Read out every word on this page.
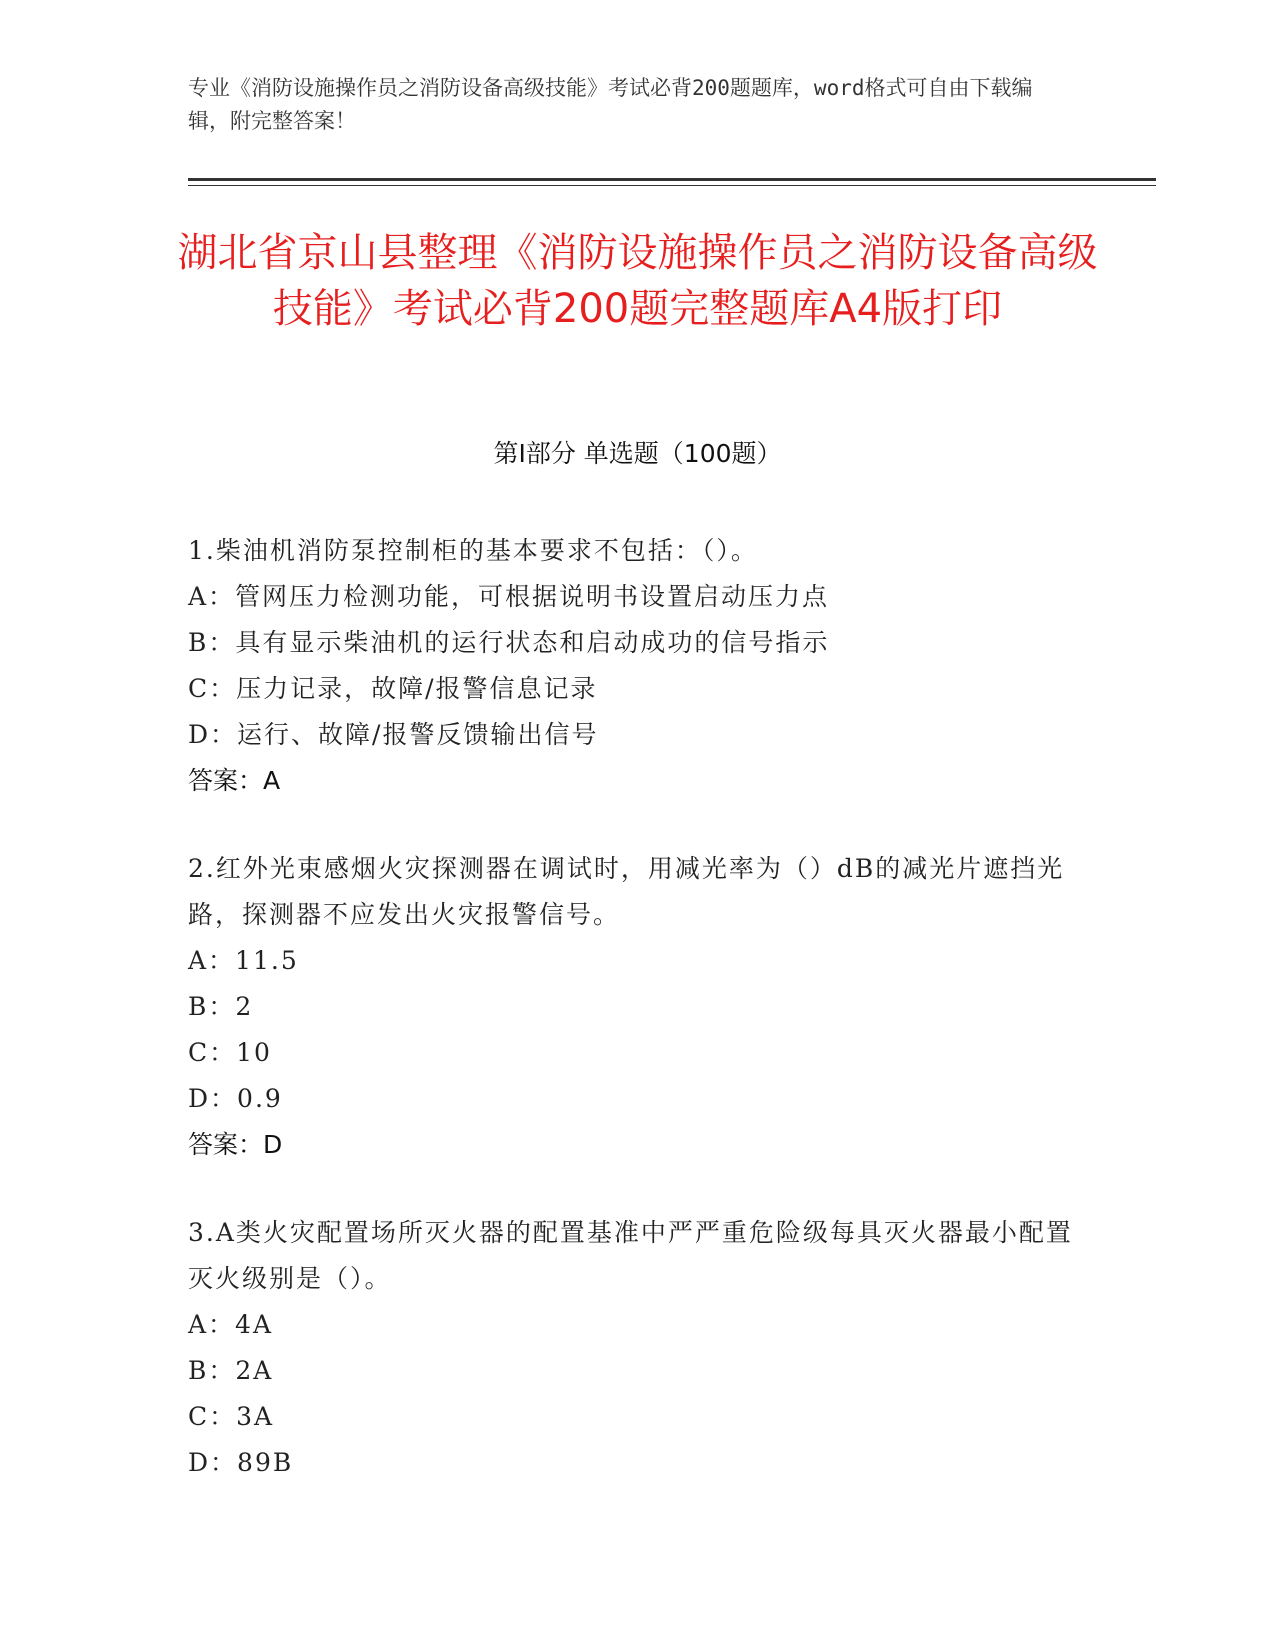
专业《消防设施操作员之消防设备高级技能》考试必背200题题库，word格式可自由下载编辑，附完整答案！
湖北省京山县整理《消防设施操作员之消防设备高级技能》考试必背200题完整题库A4版打印
第Ⅰ部分 单选题（100题）
1.柴油机消防泵控制柜的基本要求不包括：（）。
A：管网压力检测功能，可根据说明书设置启动压力点
B：具有显示柴油机的运行状态和启动成功的信号指示
C：压力记录，故障/报警信息记录
D：运行、故障/报警反馈输出信号
答案：A
2.红外光束感烟火灾探测器在调试时，用减光率为（）dB的减光片遮挡光路，探测器不应发出火灾报警信号。
A：11.5
B：2
C：10
D：0.9
答案：D
3.A类火灾配置场所灭火器的配置基准中严严重危险级每具灭火器最小配置灭火级别是（）。
A：4A
B：2A
C：3A
D：89B
